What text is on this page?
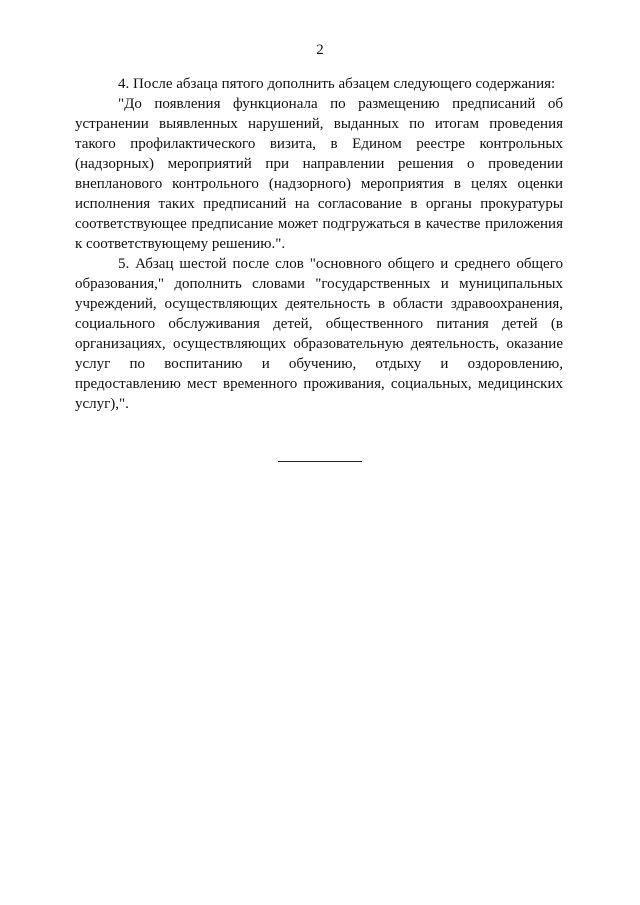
2

4. После абзаца пятого дополнить абзацем следующего содержания:

"До появления функционала по размещению предписаний об устранении выявленных нарушений, выданных по итогам проведения такого профилактического визита, в Едином реестре контрольных (надзорных) мероприятий при направлении решения о проведении внепланового контрольного (надзорного) мероприятия в целях оценки исполнения таких предписаний на согласование в органы прокуратуры соответствующее предписание может подгружаться в качестве приложения к соответствующему решению.".

5. Абзац шестой после слов "основного общего и среднего общего образования," дополнить словами "государственных и муниципальных учреждений, осуществляющих деятельность в области здравоохранения, социального обслуживания детей, общественного питания детей (в организациях, осуществляющих образовательную деятельность, оказание услуг по воспитанию и обучению, отдыху и оздоровлению, предоставлению мест временного проживания, социальных, медицинских услуг),".
